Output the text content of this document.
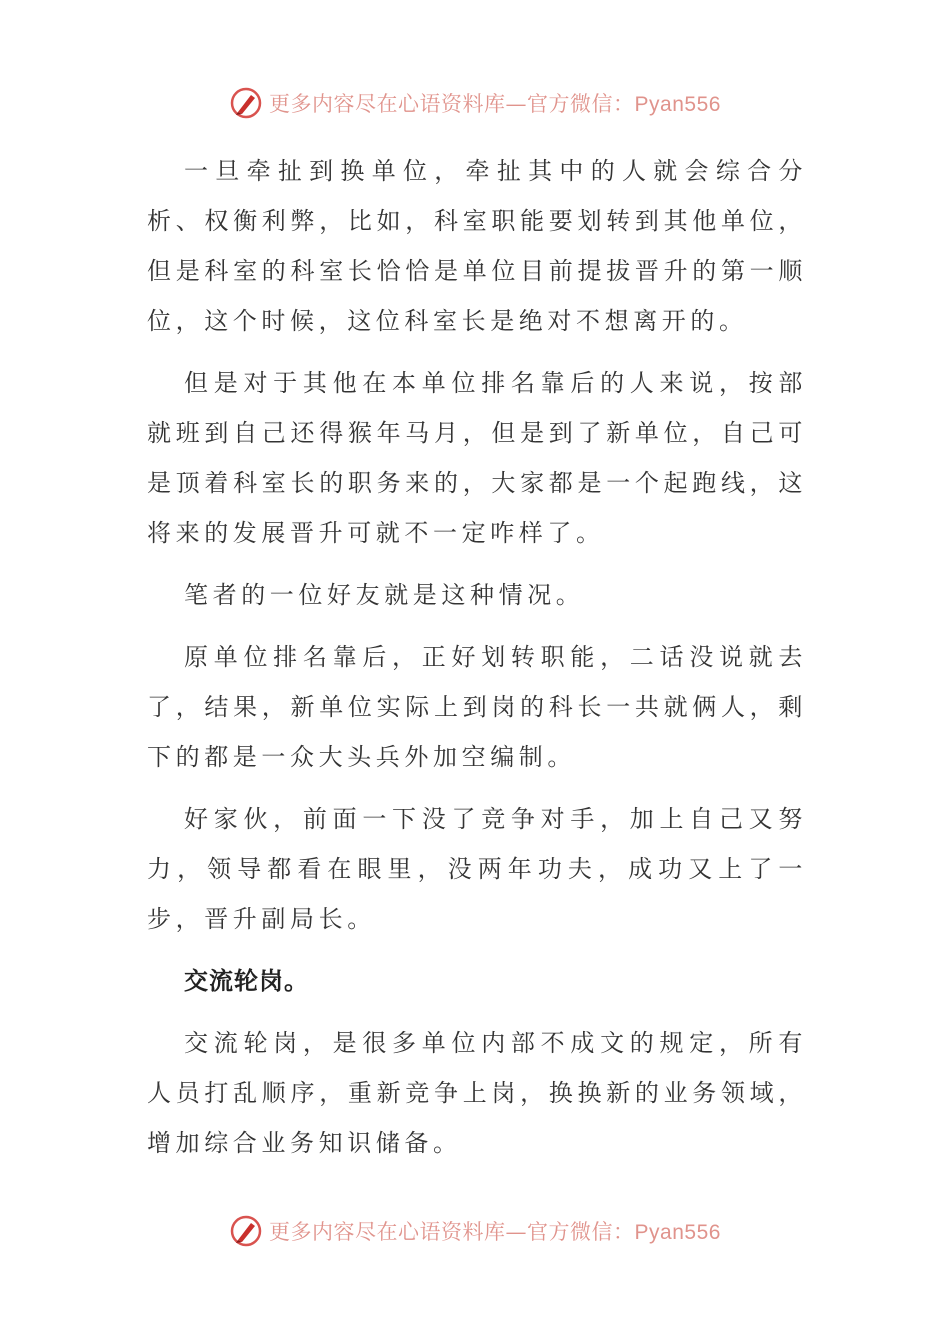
更多内容尽在心语资料库—官方微信：Pyan556

一旦牵扯到换单位，牵扯其中的人就会综合分析、权衡利弊，比如，科室职能要划转到其他单位，但是科室的科室长恰恰是单位目前提拔晋升的第一顺位，这个时候，这位科室长是绝对不想离开的。

但是对于其他在本单位排名靠后的人来说，按部就班到自己还得猴年马月，但是到了新单位，自己可是顶着科室长的职务来的，大家都是一个起跑线，这将来的发展晋升可就不一定咋样了。

笔者的一位好友就是这种情况。

原单位排名靠后，正好划转职能，二话没说就去了，结果，新单位实际上到岗的科长一共就俩人，剩下的都是一众大头兵外加空编制。

好家伙，前面一下没了竞争对手，加上自己又努力，领导都看在眼里，没两年功夫，成功又上了一步，晋升副局长。

交流轮岗。

交流轮岗，是很多单位内部不成文的规定，所有人员打乱顺序，重新竞争上岗，换换新的业务领域，增加综合业务知识储备。

更多内容尽在心语资料库—官方微信：Pyan556
